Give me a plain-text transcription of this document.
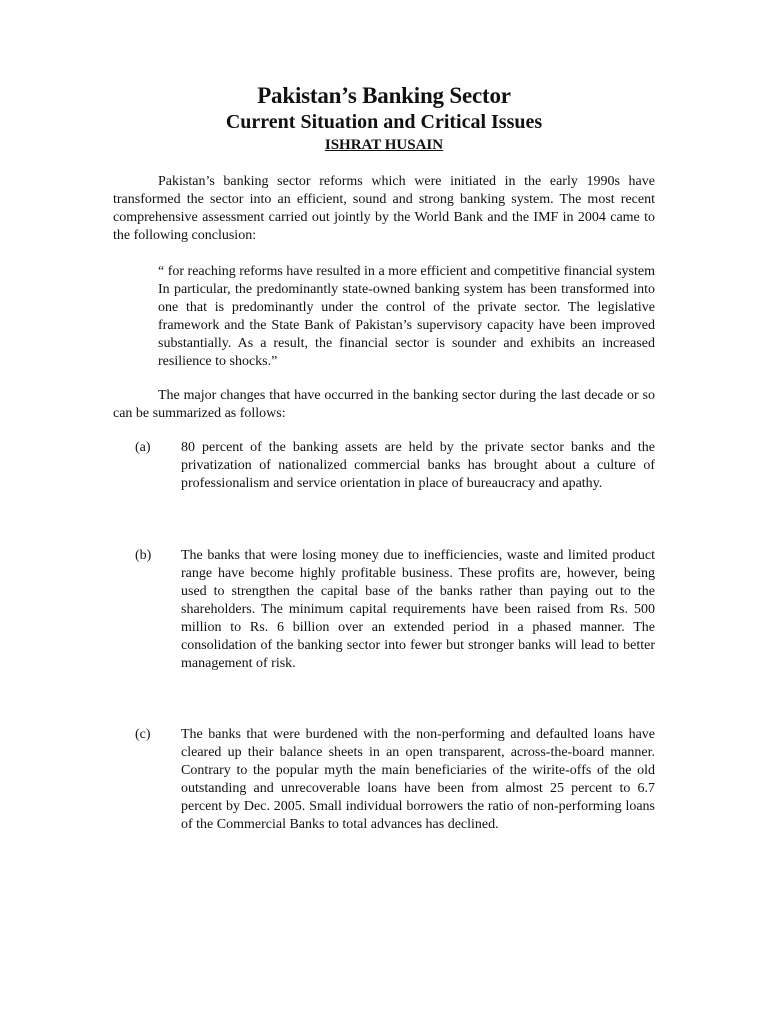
Pakistan’s Banking Sector
Current Situation and Critical Issues
ISHRAT HUSAIN

Pakistan’s banking sector reforms which were initiated in the early 1990s have transformed the sector into an efficient, sound and strong banking system. The most recent comprehensive assessment carried out jointly by the World Bank and the IMF in 2004 came to the following conclusion:

“ for reaching reforms have resulted in a more efficient and competitive financial system In particular, the predominantly state-owned banking system has been transformed into one that is predominantly under the control of the private sector. The legislative framework and the State Bank of Pakistan’s supervisory capacity have been improved substantially. As a result, the financial sector is sounder and exhibits an increased resilience to shocks.”

The major changes that have occurred in the banking sector during the last decade or so can be summarized as follows:

(a) 80 percent of the banking assets are held by the private sector banks and the privatization of nationalized commercial banks has brought about a culture of professionalism and service orientation in place of bureaucracy and apathy.

(b) The banks that were losing money due to inefficiencies, waste and limited product range have become highly profitable business. These profits are, however, being used to strengthen the capital base of the banks rather than paying out to the shareholders. The minimum capital requirements have been raised from Rs. 500 million to Rs. 6 billion over an extended period in a phased manner. The consolidation of the banking sector into fewer but stronger banks will lead to better management of risk.

(c) The banks that were burdened with the non-performing and defaulted loans have cleared up their balance sheets in an open transparent, across-the-board manner. Contrary to the popular myth the main beneficiaries of the wirite-offs of the old outstanding and unrecoverable loans have been from almost 25 percent to 6.7 percent by Dec. 2005. Small individual borrowers the ratio of non-performing loans of the Commercial Banks to total advances has declined.
